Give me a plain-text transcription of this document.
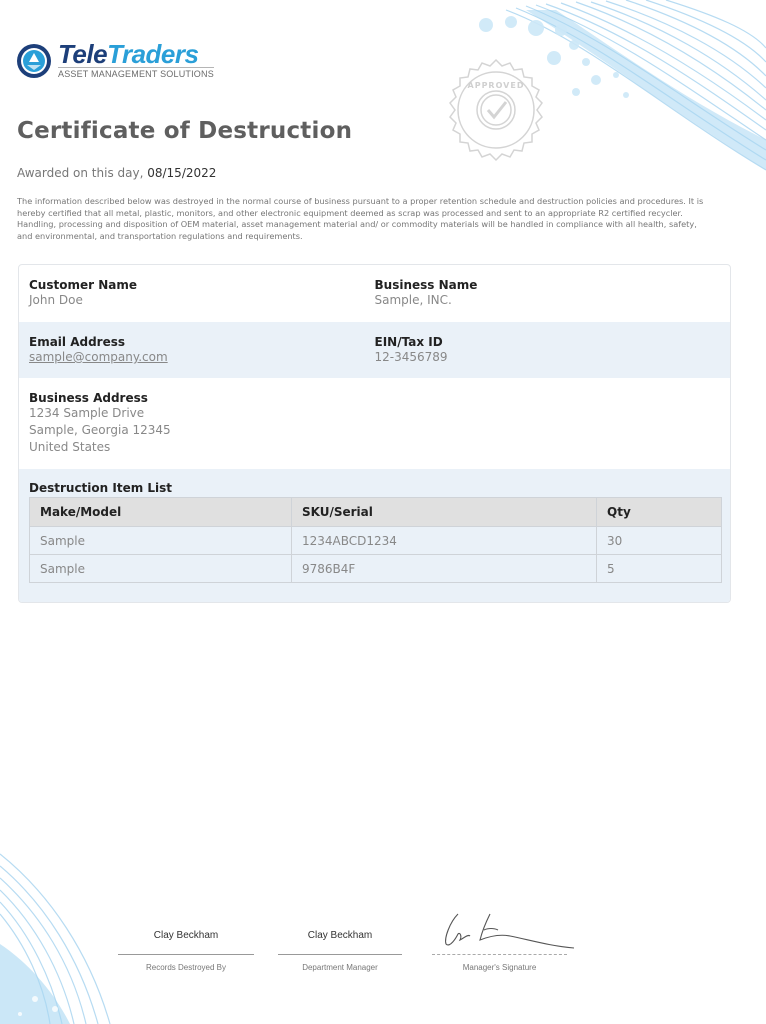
APPROVED
TeleTraders
ASSET MANAGEMENT SOLUTIONS
Certificate of Destruction
Awarded on this day, 08/15/2022

The information described below was destroyed in the normal course of business pursuant to a proper retention schedule and destruction policies and procedures. It is hereby certified that all metal, plastic, monitors, and other electronic equipment deemed as scrap was processed and sent to an appropriate R2 certified recycler. Handling, processing and disposition of OEM material, asset management material and/ or commodity materials will be handled in compliance with all health, safety, and environmental, and transportation regulations and requirements.

Customer Name
John Doe
Business Name
Sample, INC.
Email Address
sample@company.com
EIN/Tax ID
12-3456789
Business Address
1234 Sample Drive
Sample, Georgia 12345
United States
Destruction Item List
Make/Model	SKU/Serial	Qty
Sample	1234ABCD1234	30
Sample	9786B4F	5
Clay Beckham
Records Destroyed By
Clay Beckham
Department Manager	Manager's Signature
